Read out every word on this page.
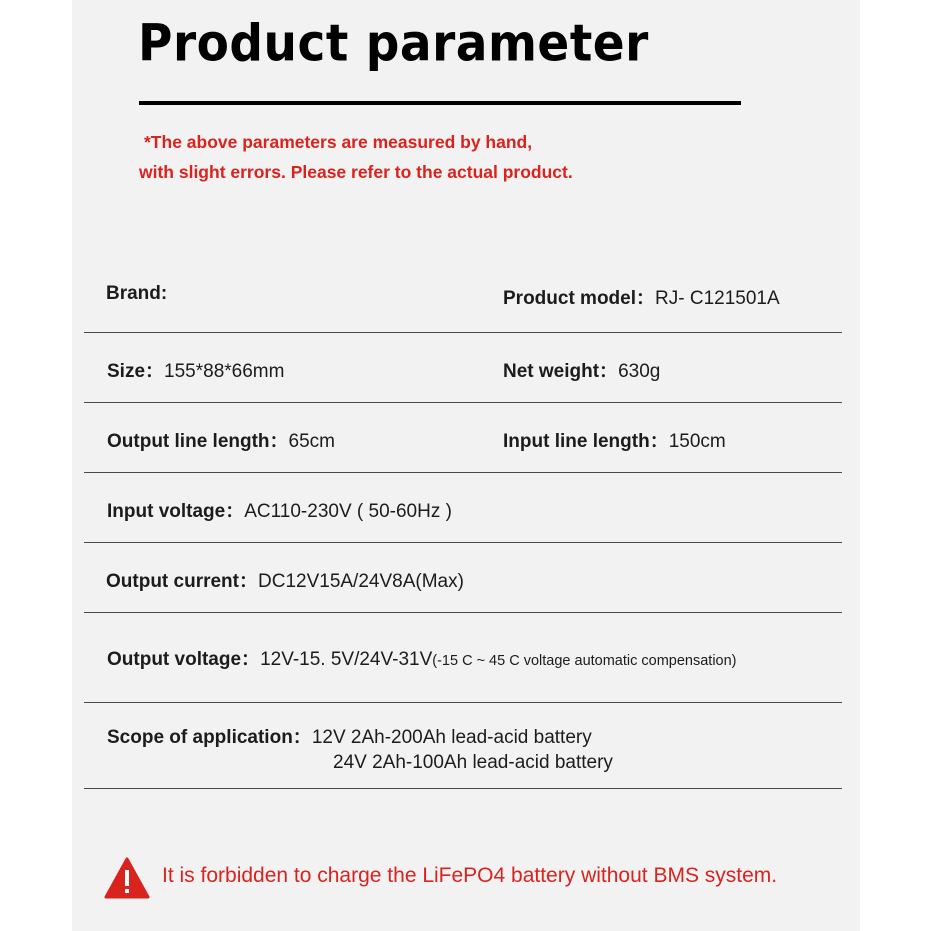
Product parameter
*The above parameters are measured by hand,
with slight errors. Please refer to the actual product.
Brand:	Product model：RJ- C121501A
Size：155*88*66mm	Net weight：630g
Output line length：65cm	Input line length：150cm
Input voltage：AC110-230V ( 50-60Hz )
Output current：DC12V15A/24V8A(Max)
Output voltage：12V-15. 5V/24V-31V(-15 C ~ 45 C voltage automatic compensation)
Scope of application：12V 2Ah-200Ah lead-acid battery
24V 2Ah-100Ah lead-acid battery
It is forbidden to charge the LiFePO4 battery without BMS system.
